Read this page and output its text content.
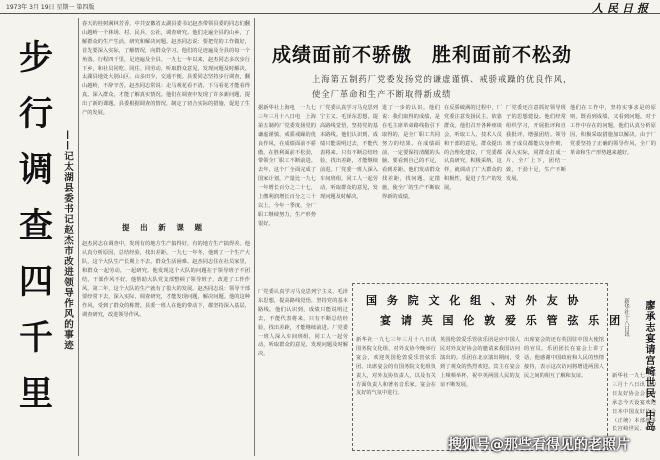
1973年 3月 19日 星期一 第四版	人民日报
步
行
调
查
四
千
里
——记太湖县委书记赵杰市改进领导作风的事迹
春天的桂树满林芳香。中共安徽省太湖县委书记赵杰带领县委的同志们翻山越岭一个林场、村、民兵、公社，调查研究。他们走遍全县的山乡，了解群众的生产生活，研究和解决问题。赵杰同志说：要把党的工作做好，首先要深入实际，了解情况，向群众学习。他们的足迹遍及全县的每一个角落。行程四千里，足迹遍及全县。一九七一年以来，赵杰同志多次步行下乡，和社员同吃、同住、同劳动，听取群众意见，发现问题及时解决。太湖县地处大别山区，山多田少，交通不便。县委同志坚持步行调查，翻山越岭，不辞辛苦。赵杰同志常说：走马观花看不清，下马看花才能看得真。深入群众，才能了解真实情况。他们在调查中发现了许多新问题，提出了新的课题。县委根据调查的情况，制定了切合实际的措施，促进了生产的发展。
提 出 新 课 题
赵杰同志在调查中，发现有的地方生产搞得好，有的地方生产搞得差。他认真分析原因，总结经验，找出差距。一九七一年冬，他到了一个生产大队，这个大队生产长期上不去，群众生活困难。赵杰同志住在社员家里，和群众一起劳动，一起研究。他发现这个大队的问题在于领导班子不团结，干部作风不好。他帮助大队党支部整顿了领导班子，改进了工作作风。第二年，这个大队的生产就有了很大的发展。赵杰同志说：领导干部要经常下去，深入实际，调查研究，才能发现问题，解决问题。他的这种作风，受到了群众的称赞。县委一班人在他的带动下，都坚持深入基层，调查研究，改进领导作风。
成绩面前不骄傲　胜利面前不松劲
上海第五制药厂党委发扬党的谦虚谨慎、戒骄戒躁的优良作风，
使全厂革命和生产不断取得新成绩
据新华社上海电　一九七三年三月十八日电　上海第五制药厂党委发扬党的谦虚谨慎、戒骄戒躁的优良作风，在成绩面前不骄傲，在胜利面前不松劲，带领全厂职工不断前进。去年，这个厂全面完成了国家计划，产量比一九七一年增长百分之二十七，上缴利润增长百分之三十以上。今年一季度，全厂职工继续努力，生产形势很好。
厂党委认真学习马克思列宁主义、毛泽东思想，提高路线觉悟，坚持党的基本路线。他们认识到，成绩只能说明过去，不能代表将来。只有不断总结经验，找出差距，才能继续前进。厂党委一班人深入车间班组，同工人一起劳动，听取群众的意见，发现问题及时解决。
进了一步的认识。他们说：我们取得的成绩，是在毛主席革命路线指引下取得的，是全厂职工共同努力的结果。在成绩面前，一定要保持清醒的头脑，要看到自己的不足，看到差距。他们发动群众找差距，找问题，定措施，使全厂的生产不断取得新的成绩。
在反骄破满的过程中，厂党委注意发扬民主，依靠群众。他们召开各种座谈会，听取工人、技术人员和干部的意见。群众提出的合理化建议，厂党委都认真研究，积极采纳。这样，就调动了广大群众的积极性，促进了生产的发展。
厂党委还注意抓好领导班子的思想建设。他们经常组织学习，开展批评和自我批评，增强团结。领导班子成员都能以身作则，深入实际，同群众打成一片。全厂上下，团结一致，干劲十足，生产不断发展。
他们在工作中，坚持实事求是的原则，既看到成绩，又看到问题。对于工作中存在的问题，他们认真分析原因，积极采取措施加以解决。由于厂党委坚持了正确的领导作风，全厂的革命和生产形势越来越好。
厂党委认真学习马克思列宁主义、毛泽东思想，提高路线觉悟，坚持党的基本路线。他们认识到，成绩只能说明过去，不能代表将来。只有不断总结经验，找出差距，才能继续前进。厂党委一班人深入车间班组，同工人一起劳动，听取群众的意见，发现问题及时解决。
国 务 院 文 化 组 、对 外 友 协
宴 请 英 国 伦 敦 爱 乐 管 弦 乐 团
新华社一九七三年三月十八日讯　国务院文化组、对外友协今晚举行宴会，欢迎英国伦敦爱乐管弦乐团。出席宴会的有国务院文化组负责人，对外友协负责人，以及有关方面负责人和著名音乐家。宴会在友好的气氛中进行。
英国伦敦爱乐管弦乐团是应中国人民对外友好协会的邀请来我国访问演出的。乐团在北京演出期间，受到了观众的热烈欢迎。宾主在宴会上频频举杯，祝中英两国人民的友谊不断发展。
出席宴会的还有英国驻中国大使馆的官员。乐团团长在宴会上讲了话，他感谢中国政府和人民的热情接待，表示这次访问将增进两国人民之间的相互了解和友谊。	廖承志宴请宫崎世民、中岛
新华社十八日讯
新华社一九七三年三月十八日讯　中日友好协会会长廖承志今天设宴欢迎日本中国友好协会（正统）本部理事长宫崎世民、中岛
搜狐号@那些看得见的老照片
